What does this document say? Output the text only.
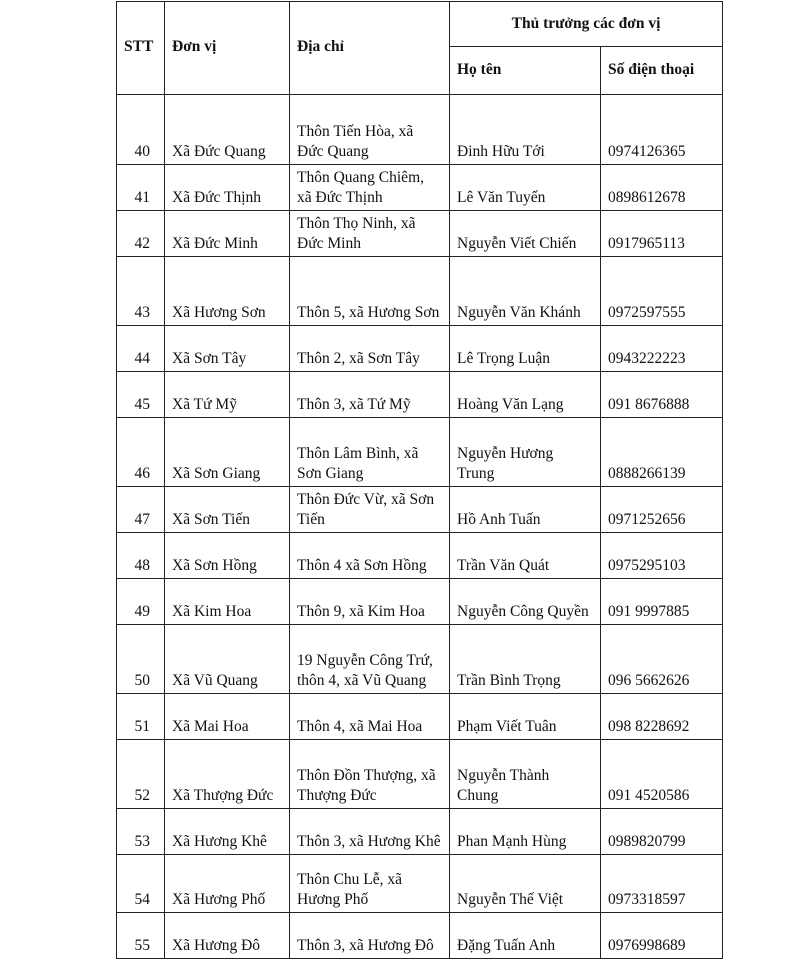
STT	Đơn vị	Địa chỉ	Thủ trưởng các đơn vị	
			Họ tên	Số điện thoại
40	Xã Đức Quang	Thôn Tiến Hòa, xã Đức Quang	Đinh Hữu Tới	0974126365
41	Xã Đức Thịnh	Thôn Quang Chiêm, xã Đức Thịnh	Lê Văn Tuyến	0898612678
42	Xã Đức Minh	Thôn Thọ Ninh, xã Đức Minh	Nguyễn Viết Chiến	0917965113
43	Xã Hương Sơn	Thôn 5, xã Hương Sơn	Nguyễn Văn Khánh	0972597555
44	Xã Sơn Tây	Thôn 2, xã Sơn Tây	Lê Trọng Luận	0943222223
45	Xã Tứ Mỹ	Thôn 3, xã Tứ Mỹ	Hoàng Văn Lạng	091 8676888
46	Xã Sơn Giang	Thôn Lâm Bình, xã Sơn Giang	Nguyễn Hương Trung	0888266139
47	Xã Sơn Tiến	Thôn Đức Vừ, xã Sơn Tiến	Hồ Anh Tuấn	0971252656
48	Xã Sơn Hồng	Thôn 4 xã Sơn Hồng	Trần Văn Quát	0975295103
49	Xã Kim Hoa	Thôn 9, xã Kim Hoa	Nguyễn Công Quyền	091 9997885
50	Xã Vũ Quang	19 Nguyễn Công Trứ, thôn 4, xã Vũ Quang	Trần Bình Trọng	096 5662626
51	Xã Mai Hoa	Thôn 4, xã Mai Hoa	Phạm Viết Tuân	098 8228692
52	Xã Thượng Đức	Thôn Đồn Thượng, xã Thượng Đức	Nguyễn Thành Chung	091 4520586
53	Xã Hương Khê	Thôn 3, xã Hương Khê	Phan Mạnh Hùng	0989820799
54	Xã Hương Phố	Thôn Chu Lễ, xã Hương Phố	Nguyễn Thế Việt	0973318597
55	Xã Hương Đô	Thôn 3, xã Hương Đô	Đặng Tuấn Anh	0976998689
